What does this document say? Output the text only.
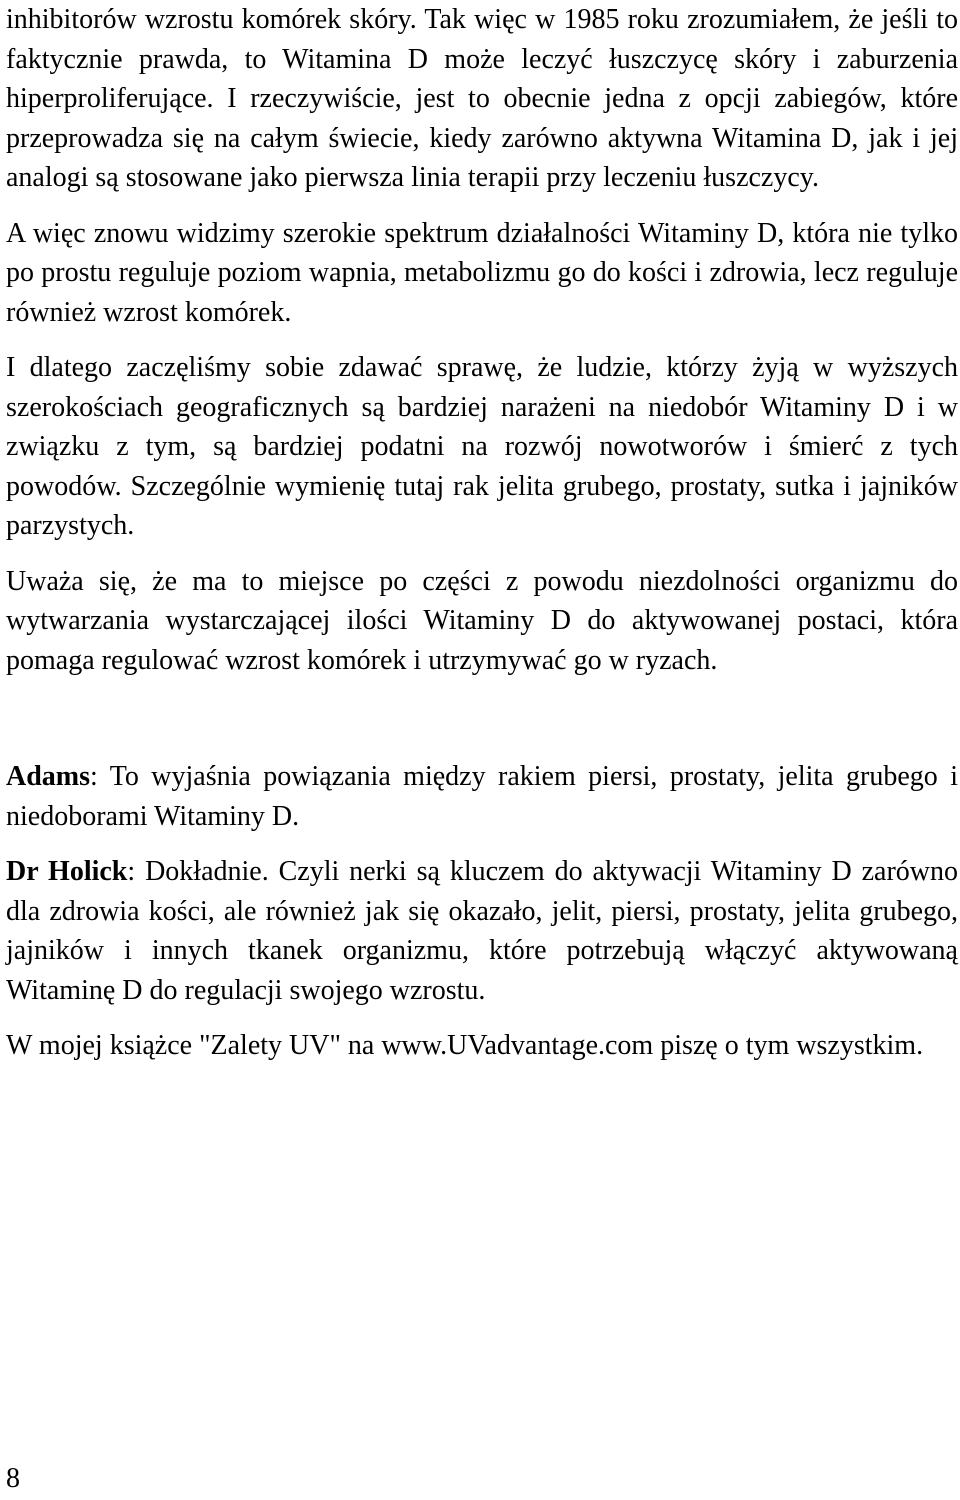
inhibitorów wzrostu komórek skóry. Tak więc w 1985 roku zrozumiałem, że jeśli to faktycznie prawda, to Witamina D może leczyć łuszczycę skóry i zaburzenia hiperproliferujące. I rzeczywiście, jest to obecnie jedna z opcji zabiegów, które przeprowadza się na całym świecie, kiedy zarówno aktywna Witamina D, jak i jej analogi są stosowane jako pierwsza linia terapii przy leczeniu łuszczycy.

A więc znowu widzimy szerokie spektrum działalności Witaminy D, która nie tylko po prostu reguluje poziom wapnia, metabolizmu go do kości i zdrowia, lecz reguluje również wzrost komórek.

I dlatego zaczęliśmy sobie zdawać sprawę, że ludzie, którzy żyją w wyższych szerokościach geograficznych są bardziej narażeni na niedobór Witaminy D i w związku z tym, są bardziej podatni na rozwój nowotworów i śmierć z tych powodów. Szczególnie wymienię tutaj rak jelita grubego, prostaty, sutka i jajników parzystych.

Uważa się, że ma to miejsce po części z powodu niezdolności organizmu do wytwarzania wystarczającej ilości Witaminy D do aktywowanej postaci, która pomaga regulować wzrost komórek i utrzymywać go w ryzach.

Adams: To wyjaśnia powiązania między rakiem piersi, prostaty, jelita grubego i niedoborami Witaminy D.

Dr Holick: Dokładnie. Czyli nerki są kluczem do aktywacji Witaminy D zarówno dla zdrowia kości, ale również jak się okazało, jelit, piersi, prostaty, jelita grubego, jajników i innych tkanek organizmu, które potrzebują włączyć aktywowaną Witaminę D do regulacji swojego wzrostu.

W mojej książce "Zalety UV" na www.UVadvantage.com piszę o tym wszystkim.

8
